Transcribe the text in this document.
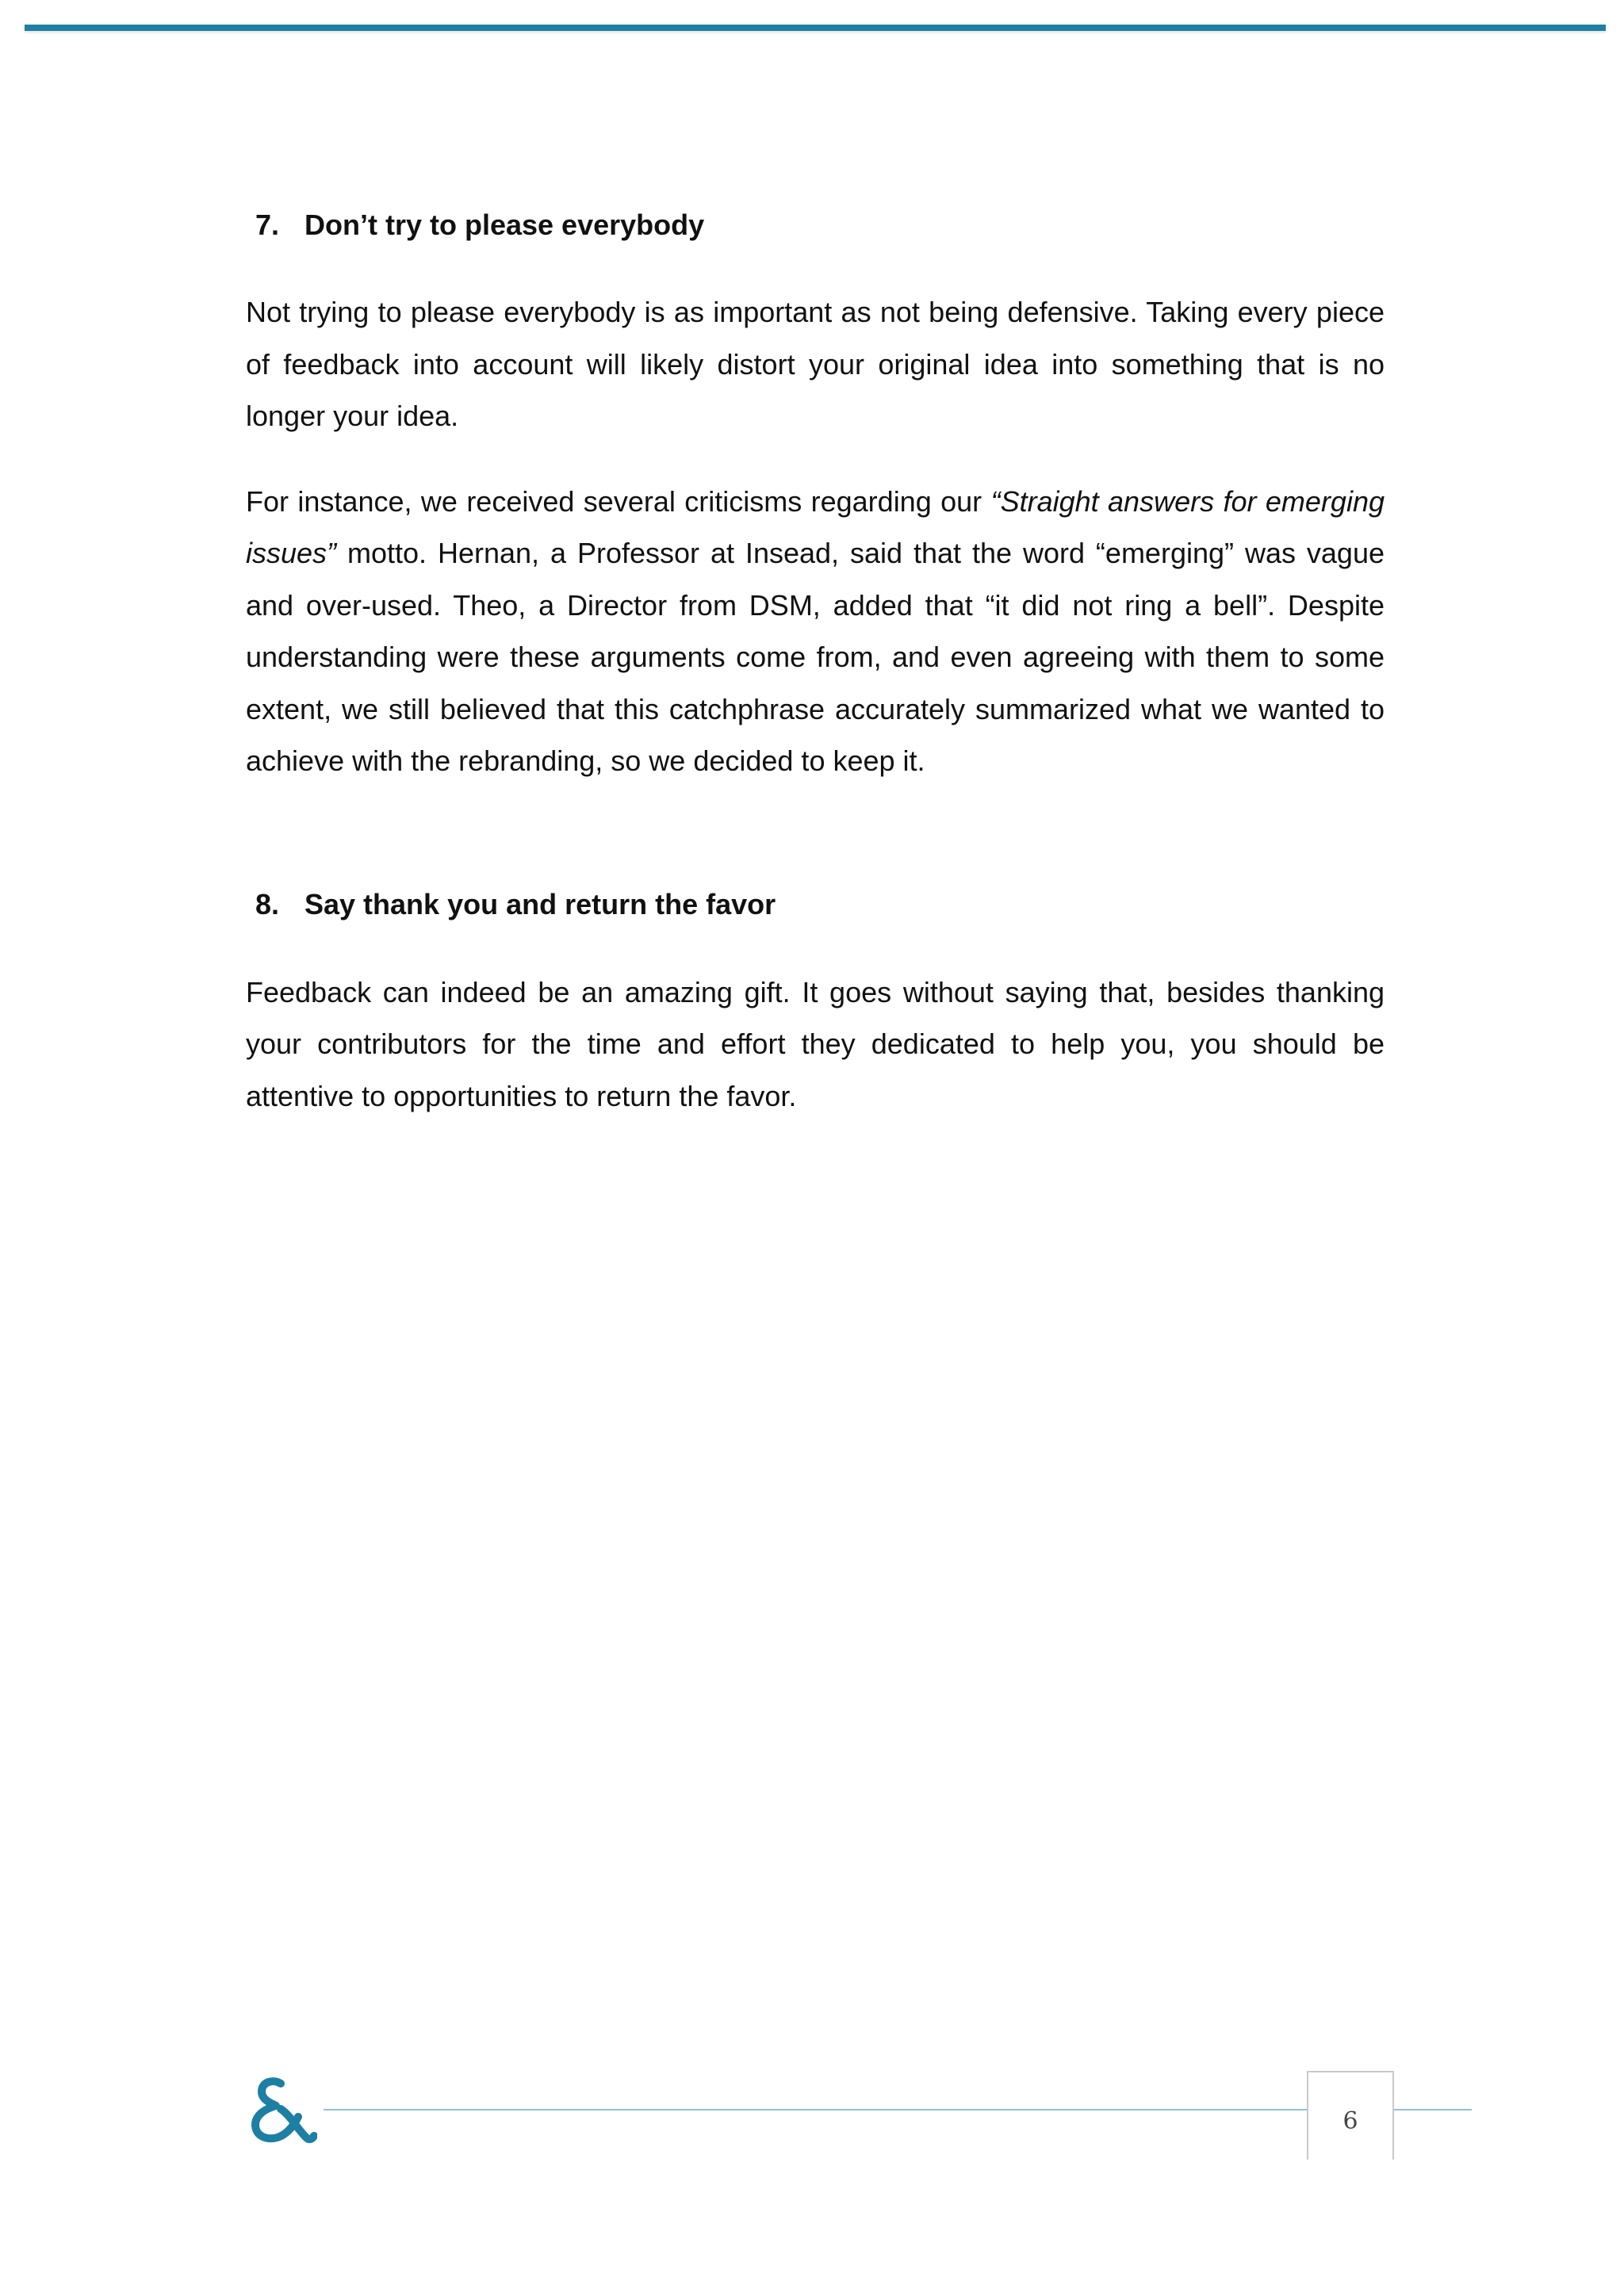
7. Don’t try to please everybody

Not trying to please everybody is as important as not being defensive. Taking every piece of feedback into account will likely distort your original idea into something that is no longer your idea.

For instance, we received several criticisms regarding our “Straight answers for emerging issues” motto. Hernan, a Professor at Insead, said that the word “emerging” was vague and over-used. Theo, a Director from DSM, added that “it did not ring a bell”. Despite understanding were these arguments come from, and even agreeing with them to some extent, we still believed that this catchphrase accurately summarized what we wanted to achieve with the rebranding, so we decided to keep it.

8. Say thank you and return the favor

Feedback can indeed be an amazing gift. It goes without saying that, besides thanking your contributors for the time and effort they dedicated to help you, you should be attentive to opportunities to return the favor.

6
